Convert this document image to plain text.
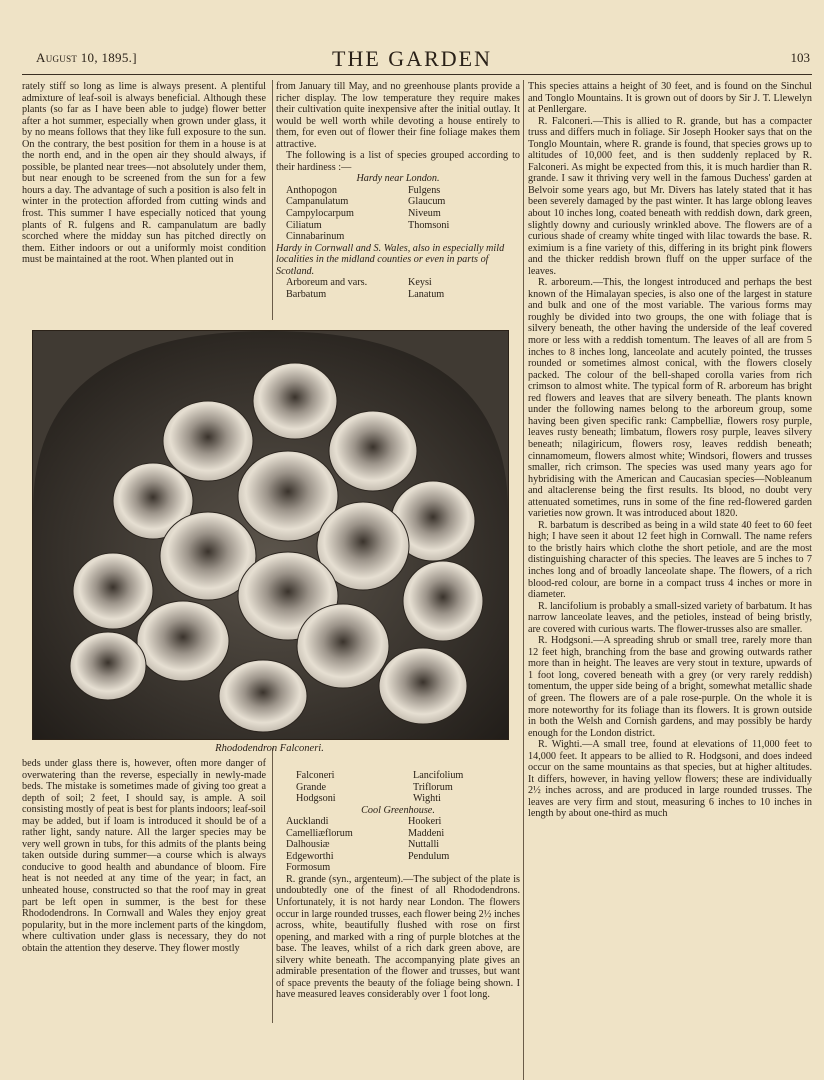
August 10, 1895.]	THE GARDEN	103

rately stiff so long as lime is always present. A plentiful admixture of leaf-soil is always beneficial. Although these plants (so far as I have been able to judge) flower better after a hot summer, especially when grown under glass, it by no means follows that they like full exposure to the sun. On the contrary, the best position for them in a house is at the north end, and in the open air they should always, if possible, be planted near trees—not absolutely under them, but near enough to be screened from the sun for a few hours a day. The advantage of such a position is also felt in winter in the protection afforded from cutting winds and frost. This summer I have especially noticed that young plants of R. fulgens and R. campanulatum are badly scorched where the midday sun has pitched directly on them. Either indoors or out a uniformly moist condition must be maintained at the root. When planted out in

from January till May, and no greenhouse plants provide a richer display. The low temperature they require makes their cultivation quite inexpensive after the initial outlay. It would be well worth while devoting a house entirely to them, for even out of flower their fine foliage makes them attractive.

The following is a list of species grouped according to their hardiness :—

Hardy near London.
Anthopogon	Fulgens
Campanulatum	Glaucum
Campylocarpum	Niveum
Ciliatum	Thomsoni
Cinnabarinum
Hardy in Cornwall and S. Wales, also in especially mild localities in the midland counties or even in parts of Scotland.
Arboreum and vars.	Keysi
Barbatum	Lanatum

This species attains a height of 30 feet, and is found on the Sinchul and Tonglo Mountains. It is grown out of doors by Sir J. T. Llewelyn at Penllergare.

R. Falconeri.—This is allied to R. grande, but has a compacter truss and differs much in foliage. Sir Joseph Hooker says that on the Tonglo Mountain, where R. grande is found, that species grows up to altitudes of 10,000 feet, and is then suddenly replaced by R. Falconeri. As might be expected from this, it is much hardier than R. grande. I saw it thriving very well in the famous Duchess' garden at Belvoir some years ago, but Mr. Divers has lately stated that it has been severely damaged by the past winter. It has large oblong leaves about 10 inches long, coated beneath with reddish down, dark green, slightly downy and curiously wrinkled above. The flowers are of a curious shade of creamy white tinged with lilac towards the base. R. eximium is a fine variety of this, differing in its bright pink flowers and the thicker reddish brown fluff on the upper surface of the leaves.

R. arboreum.—This, the longest introduced and perhaps the best known of the Himalayan species, is also one of the largest in stature and bulk and one of the most variable. The various forms may roughly be divided into two groups, the one with foliage that is silvery beneath, the other having the underside of the leaf covered more or less with a reddish tomentum. The leaves of all are from 5 inches to 8 inches long, lanceolate and acutely pointed, the trusses rounded or sometimes almost conical, with the flowers closely packed. The colour of the bell-shaped corolla varies from rich crimson to almost white. The typical form of R. arboreum has bright red flowers and leaves that are silvery beneath. The plants known under the following names belong to the arboreum group, some having been given specific rank: Campbelliæ, flowers rosy purple, leaves rusty beneath; limbatum, flowers rosy purple, leaves silvery beneath; nilagiricum, flowers rosy, leaves reddish beneath; cinnamomeum, flowers almost white; Windsori, flowers and trusses smaller, rich crimson. The species was used many years ago for hybridising with the American and Caucasian species—Nobleanum and altaclerense being the first results. Its blood, no doubt very attenuated sometimes, runs in some of the fine red-flowered garden varieties now grown. It was introduced about 1820.

R. barbatum is described as being in a wild state 40 feet to 60 feet high; I have seen it about 12 feet high in Cornwall. The name refers to the bristly hairs which clothe the short petiole, and are the most distinguishing character of this species. The leaves are 5 inches to 7 inches long and of broadly lanceolate shape. The flowers, of a rich blood-red colour, are borne in a compact truss 4 inches or more in diameter.

R. lancifolium is probably a small-sized variety of barbatum. It has narrow lanceolate leaves, and the petioles, instead of being bristly, are covered with curious warts. The flower-trusses also are smaller.

R. Hodgsoni.—A spreading shrub or small tree, rarely more than 12 feet high, branching from the base and growing outwards rather more than in height. The leaves are very stout in texture, upwards of 1 foot long, covered beneath with a grey (or very rarely reddish) tomentum, the upper side being of a bright, somewhat metallic shade of green. The flowers are of a pale rose-purple. On the whole it is more noteworthy for its foliage than its flowers. It is grown outside in both the Welsh and Cornish gardens, and may possibly be hardy enough for the London district.

R. Wighti.—A small tree, found at elevations of 11,000 feet to 14,000 feet. It appears to be allied to R. Hodgsoni, and does indeed occur on the same mountains as that species, but at higher altitudes. It differs, however, in having yellow flowers; these are individually 2½ inches across, and are produced in large rounded trusses. The leaves are very firm and stout, measuring 6 inches to 10 inches in length by about one-third as much

Rhododendron Falconeri.

beds under glass there is, however, often more danger of overwatering than the reverse, especially in newly-made beds. The mistake is sometimes made of giving too great a depth of soil; 2 feet, I should say, is ample. A soil consisting mostly of peat is best for plants indoors; leaf-soil may be added, but if loam is introduced it should be of a rather light, sandy nature. All the larger species may be very well grown in tubs, for this admits of the plants being taken outside during summer—a course which is always conducive to good health and abundance of bloom. Fire heat is not needed at any time of the year; in fact, an unheated house, constructed so that the roof may in great part be left open in summer, is the best for these Rhododendrons. In Cornwall and Wales they enjoy great popularity, but in the more inclement parts of the kingdom, where cultivation under glass is necessary, they do not obtain the attention they deserve. They flower mostly

Falconeri	Lancifolium
Grande	Triflorum
Hodgsoni	Wighti
Cool Greenhouse.
Aucklandi	Hookeri
Camelliæflorum	Maddeni
Dalhousiæ	Nuttalli
Edgeworthi	Pendulum
Formosum

R. grande (syn., argenteum).—The subject of the plate is undoubtedly one of the finest of all Rhododendrons. Unfortunately, it is not hardy near London. The flowers occur in large rounded trusses, each flower being 2½ inches across, white, beautifully flushed with rose on first opening, and marked with a ring of purple blotches at the base. The leaves, whilst of a rich dark green above, are silvery white beneath. The accompanying plate gives an admirable presentation of the flower and trusses, but want of space prevents the beauty of the foliage being shown. I have measured leaves considerably over 1 foot long.
